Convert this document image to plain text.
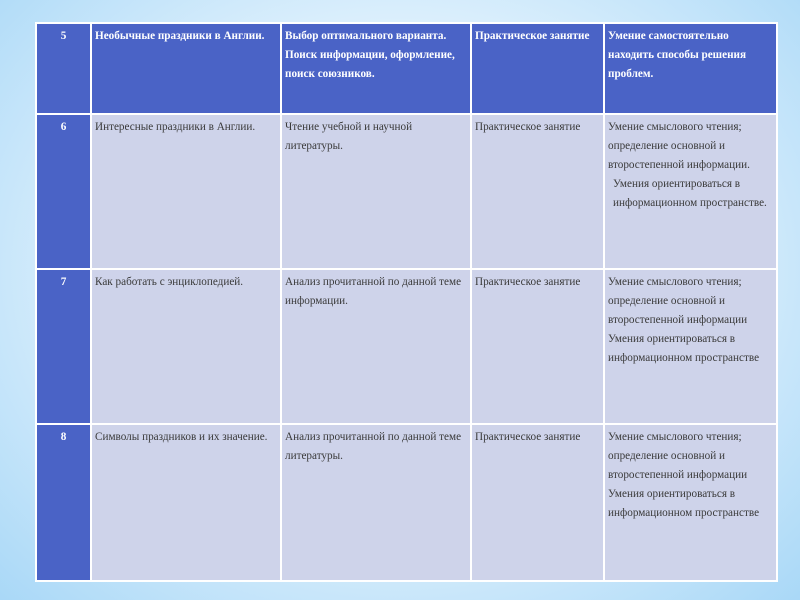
5	Необычные праздники в Англии.	Выбор оптимального варианта.
Поиск информации, оформление, поиск союзников.	Практическое занятие	Умение самостоятельно находить способы решения проблем.

6	Интересные праздники в Англии.	Чтение учебной и научной литературы.	Практическое занятие	Умение смыслового чтения; определение основной и второстепенной информации.
Умения ориентироваться в информационном пространстве.

7	Как работать с энциклопедией.	Анализ прочитанной по данной теме информации.	Практическое занятие	Умение смыслового чтения; определение основной и второстепенной информации
Умения ориентироваться в информационном пространстве

8	Символы праздников и их значение.	Анализ прочитанной по данной теме литературы.	Практическое занятие	Умение смыслового чтения; определение основной и второстепенной информации
Умения ориентироваться в информационном пространстве
